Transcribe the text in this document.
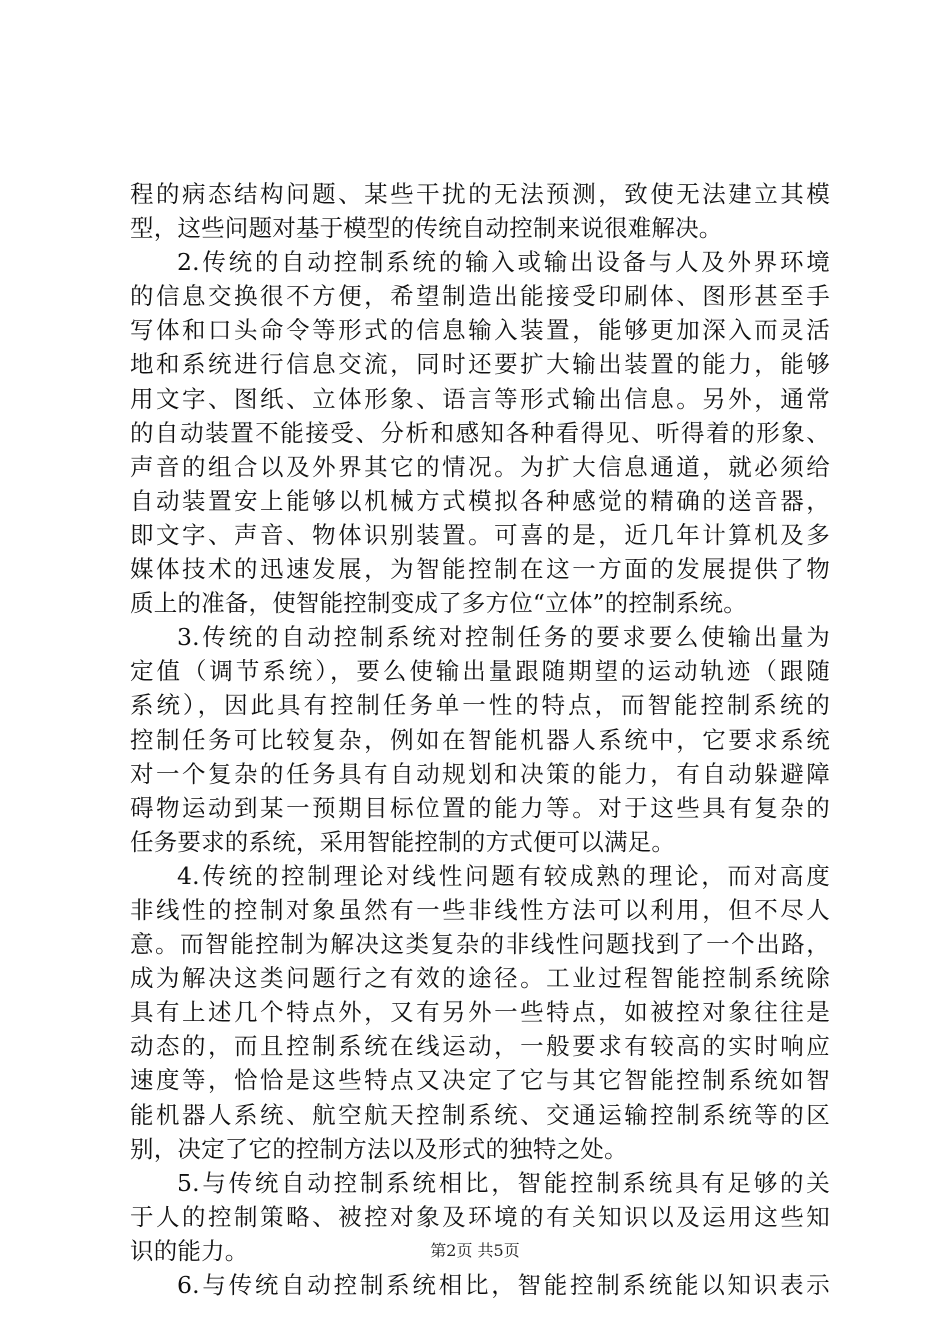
程的病态结构问题、某些干扰的无法预测，致使无法建立其模
型，这些问题对基于模型的传统自动控制来说很难解决。
2.传统的自动控制系统的输入或输出设备与人及外界环境
的信息交换很不方便，希望制造出能接受印刷体、图形甚至手
写体和口头命令等形式的信息输入装置，能够更加深入而灵活
地和系统进行信息交流，同时还要扩大输出装置的能力，能够
用文字、图纸、立体形象、语言等形式输出信息。另外，通常
的自动装置不能接受、分析和感知各种看得见、听得着的形象、
声音的组合以及外界其它的情况。为扩大信息通道，就必须给
自动装置安上能够以机械方式模拟各种感觉的精确的送音器，
即文字、声音、物体识别装置。可喜的是，近几年计算机及多
媒体技术的迅速发展，为智能控制在这一方面的发展提供了物
质上的准备，使智能控制变成了多方位“立体”的控制系统。
3.传统的自动控制系统对控制任务的要求要么使输出量为
定值（调节系统），要么使输出量跟随期望的运动轨迹（跟随
系统），因此具有控制任务单一性的特点，而智能控制系统的
控制任务可比较复杂，例如在智能机器人系统中，它要求系统
对一个复杂的任务具有自动规划和决策的能力，有自动躲避障
碍物运动到某一预期目标位置的能力等。对于这些具有复杂的
任务要求的系统，采用智能控制的方式便可以满足。
4.传统的控制理论对线性问题有较成熟的理论，而对高度
非线性的控制对象虽然有一些非线性方法可以利用，但不尽人
意。而智能控制为解决这类复杂的非线性问题找到了一个出路，
成为解决这类问题行之有效的途径。工业过程智能控制系统除
具有上述几个特点外，又有另外一些特点，如被控对象往往是
动态的，而且控制系统在线运动，一般要求有较高的实时响应
速度等，恰恰是这些特点又决定了它与其它智能控制系统如智
能机器人系统、航空航天控制系统、交通运输控制系统等的区
别，决定了它的控制方法以及形式的独特之处。
5.与传统自动控制系统相比，智能控制系统具有足够的关
于人的控制策略、被控对象及环境的有关知识以及运用这些知
识的能力。
6.与传统自动控制系统相比，智能控制系统能以知识表示
第2页 共5页
